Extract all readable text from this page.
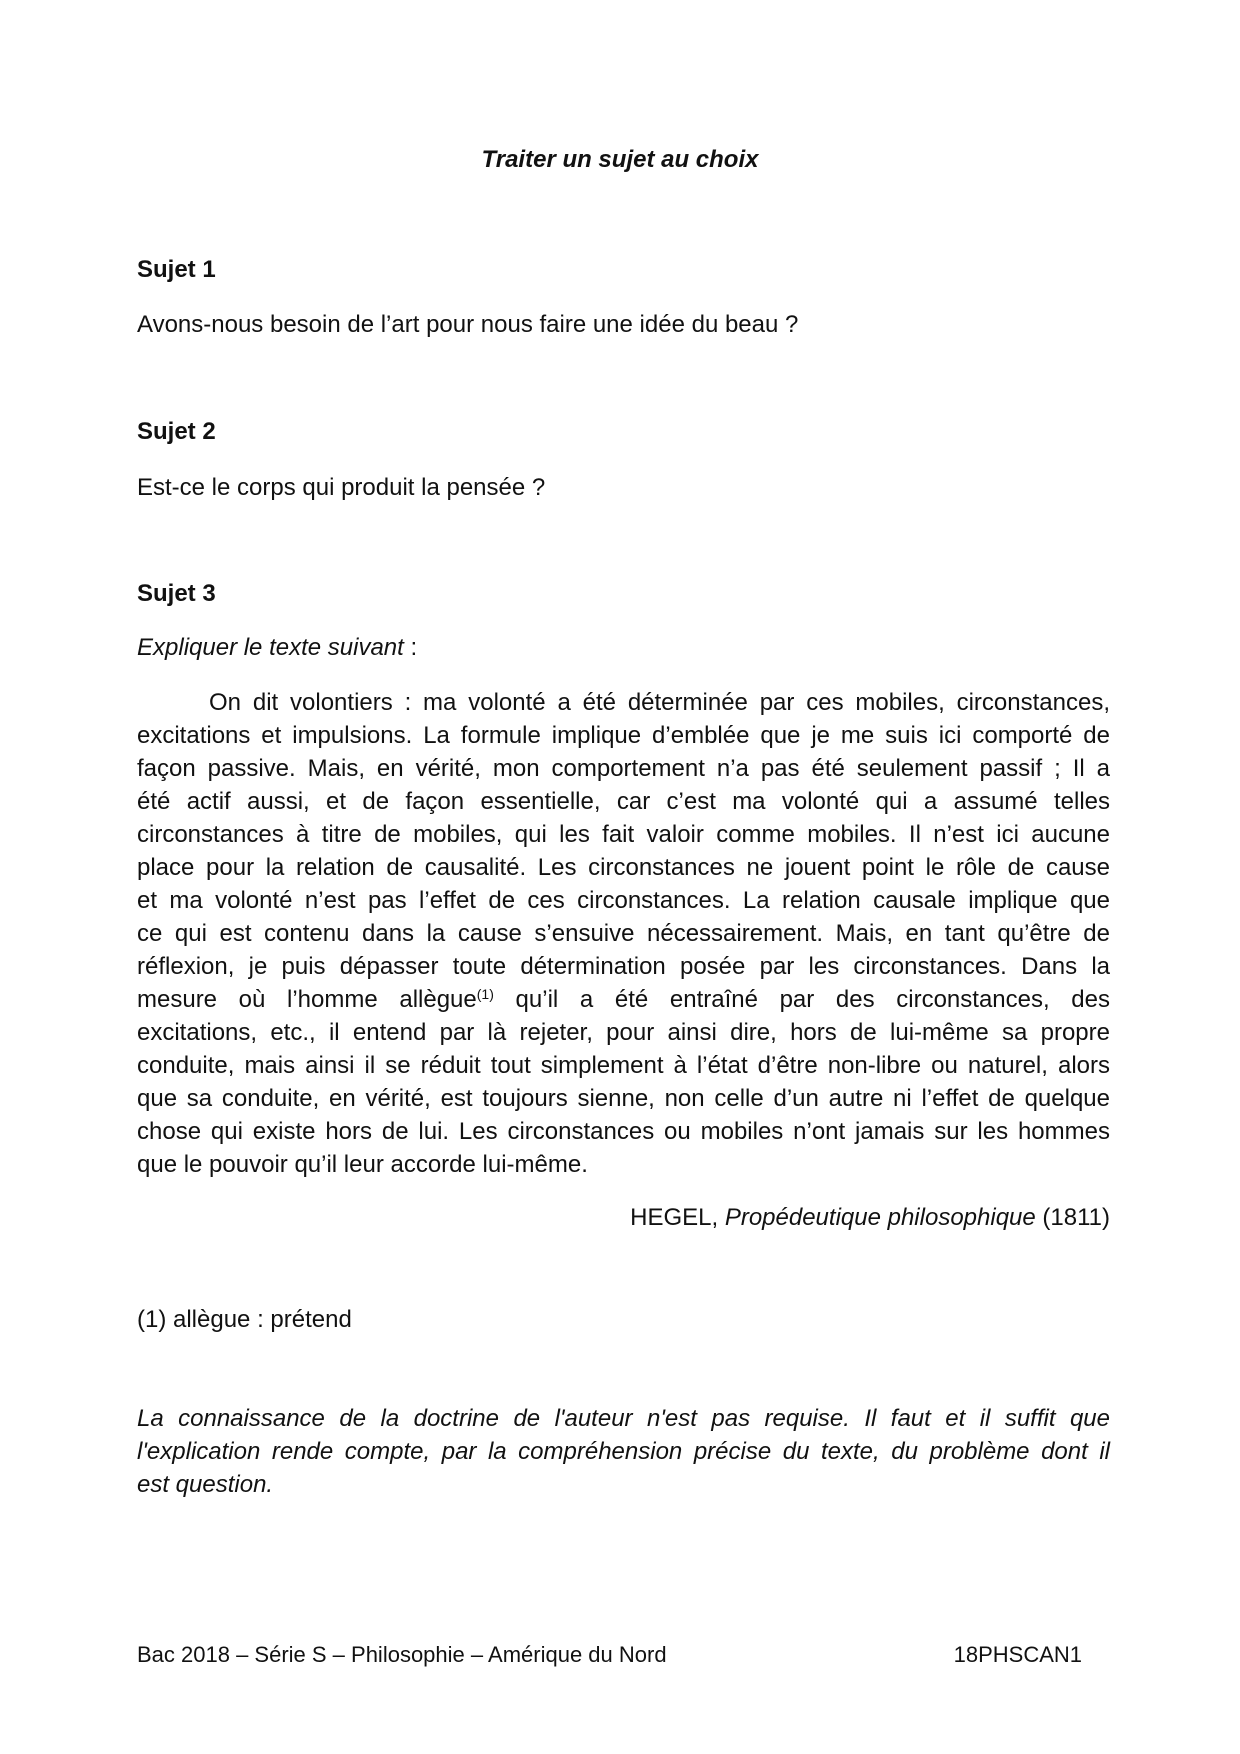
Traiter un sujet au choix
Sujet 1
Avons-nous besoin de l’art pour nous faire une idée du beau ?
Sujet 2
Est-ce le corps qui produit la pensée ?
Sujet 3
Expliquer le texte suivant :
On dit volontiers : ma volonté a été déterminée par ces mobiles, circonstances,
excitations et impulsions. La formule implique d’emblée que je me suis ici comporté de
façon passive. Mais, en vérité, mon comportement n’a pas été seulement passif ; Il a
été actif aussi, et de façon essentielle, car c’est ma volonté qui a assumé telles
circonstances à titre de mobiles, qui les fait valoir comme mobiles. Il n’est ici aucune
place pour la relation de causalité. Les circonstances ne jouent point le rôle de cause
et ma volonté n’est pas l’effet de ces circonstances. La relation causale implique que
ce qui est contenu dans la cause s’ensuive nécessairement. Mais, en tant qu’être de
réflexion, je puis dépasser toute détermination posée par les circonstances. Dans la
mesure où l’homme allègue$^{(1)}$ qu’il a été entraîné par des circonstances, des
excitations, etc., il entend par là rejeter, pour ainsi dire, hors de lui-même sa propre
conduite, mais ainsi il se réduit tout simplement à l’état d’être non-libre ou naturel, alors
que sa conduite, en vérité, est toujours sienne, non celle d’un autre ni l’effet de quelque
chose qui existe hors de lui. Les circonstances ou mobiles n’ont jamais sur les hommes
que le pouvoir qu’il leur accorde lui-même.
HEGEL, Propédeutique philosophique (1811)
(1) allègue : prétend
La connaissance de la doctrine de l'auteur n'est pas requise. Il faut et il suffit que
l'explication rende compte, par la compréhension précise du texte, du problème dont il
est question.
Bac 2018 – Série S – Philosophie – Amérique du Nord	18PHSCAN1
